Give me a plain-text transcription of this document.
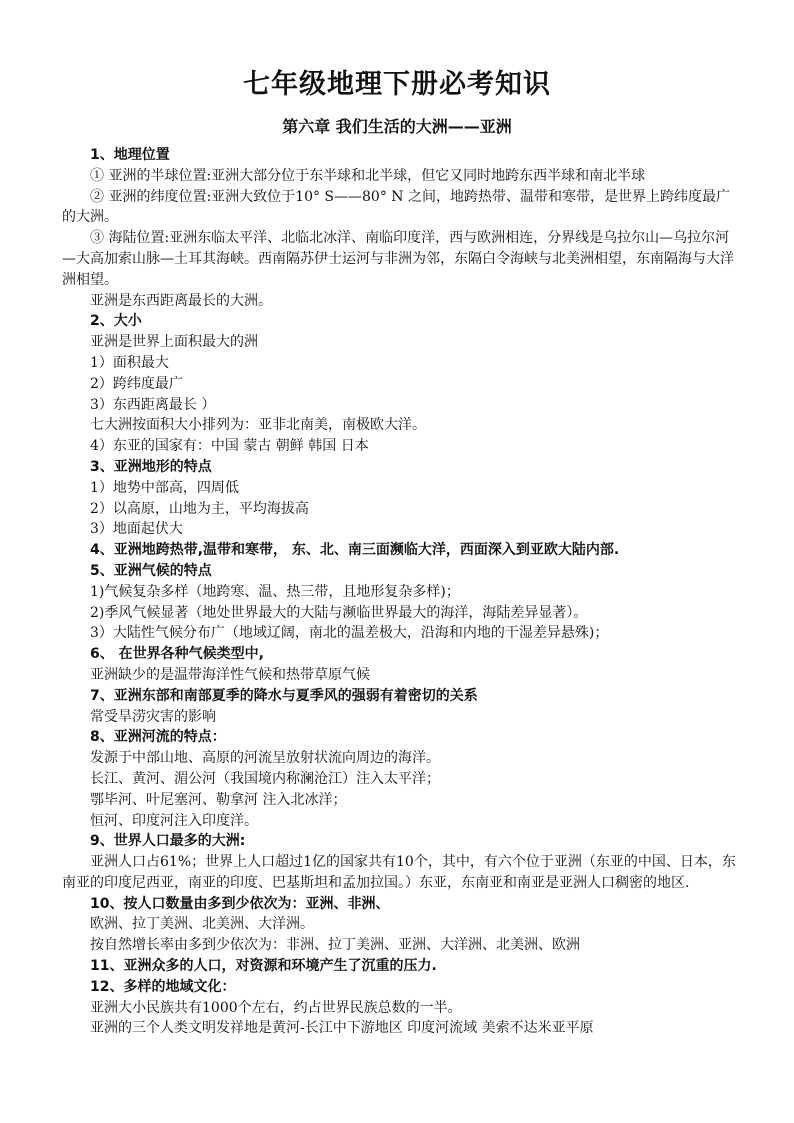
七年级地理下册必考知识
第六章 我们生活的大洲——亚洲

1、地理位置

① 亚洲的半球位置:亚洲大部分位于东半球和北半球，但它又同时地跨东西半球和南北半球

② 亚洲的纬度位置:亚洲大致位于10° S——80° N 之间，地跨热带、温带和寒带，是世界上跨纬度最广的大洲。

③ 海陆位置:亚洲东临太平洋、北临北冰洋、南临印度洋，西与欧洲相连，分界线是乌拉尔山—乌拉尔河—大高加索山脉—土耳其海峡。西南隔苏伊士运河与非洲为邻，东隔白令海峡与北美洲相望，东南隔海与大洋洲相望。

亚洲是东西距离最长的大洲。

2、大小

亚洲是世界上面积最大的洲

1）面积最大

2）跨纬度最广

3）东西距离最长 ）

七大洲按面积大小排列为：亚非北南美，南极欧大洋。

4）东亚的国家有：中国 蒙古 朝鲜 韩国 日本

3、亚洲地形的特点

1）地势中部高，四周低

2）以高原，山地为主，平均海拔高

3）地面起伏大

4、亚洲地跨热带,温带和寒带， 东、北、南三面濒临大洋，西面深入到亚欧大陆内部.

5、亚洲气候的特点

1)气候复杂多样（地跨寒、温、热三带，且地形复杂多样)；

2)季风气候显著（地处世界最大的大陆与濒临世界最大的海洋，海陆差异显著）。

3）大陆性气候分布广（地域辽阔，南北的温差极大，沿海和内地的干湿差异悬殊)；

6、 在世界各种气候类型中,

亚洲缺少的是温带海洋性气候和热带草原气候

7、亚洲东部和南部夏季的降水与夏季风的强弱有着密切的关系

常受旱涝灾害的影响

8、亚洲河流的特点：

发源于中部山地、高原的河流呈放射状流向周边的海洋。

长江、黄河、湄公河（我国境内称澜沧江）注入太平洋；

鄂毕河、叶尼塞河、勒拿河 注入北冰洋；

恒河、印度河注入印度洋。

9、世界人口最多的大洲:

亚洲人口占61%；世界上人口超过1亿的国家共有10个，其中，有六个位于亚洲（东亚的中国、日本，东南亚的印度尼西亚，南亚的印度、巴基斯坦和孟加拉国。）东亚，东南亚和南亚是亚洲人口稠密的地区.

10、按人口数量由多到少依次为：亚洲、非洲、

欧洲、拉丁美洲、北美洲、大洋洲。

按自然增长率由多到少依次为：非洲、拉丁美洲、亚洲、大洋洲、北美洲、欧洲

11、亚洲众多的人口，对资源和环境产生了沉重的压力.

12、多样的地域文化：

亚洲大小民族共有1000个左右，约占世界民族总数的一半。

亚洲的三个人类文明发祥地是黄河-长江中下游地区 印度河流域 美索不达米亚平原
